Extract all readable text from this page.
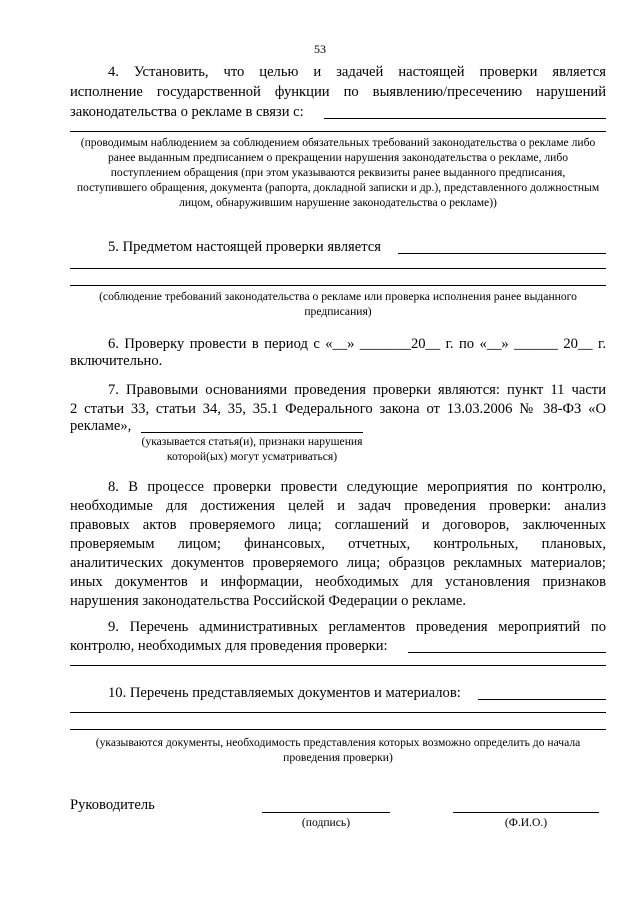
53
4. Установить, что целью и задачей настоящей проверки является
исполнение государственной функции по выявлению/пресечению нарушений
законодательства о рекламе в связи с:
(проводимым наблюдением за соблюдением обязательных требований законодательства о рекламе либо ранее выданным предписанием о прекращении нарушения законодательства о рекламе, либо поступлением обращения (при этом указываются реквизиты ранее выданного предписания, поступившего обращения, документа (рапорта, докладной записки и др.), представленного должностным лицом, обнаружившим нарушение законодательства о рекламе))
5. Предметом настоящей проверки является
(соблюдение требований законодательства о рекламе или проверка исполнения ранее выданного предписания)
6. Проверку провести в период с «__» _______20__ г. по «__» ______ 20__ г.
включительно.
7. Правовыми основаниями проведения проверки являются: пункт 11 части
2 статьи 33, статьи 34, 35, 35.1 Федерального закона от 13.03.2006 № 38-ФЗ «О
рекламе»,
(указывается статья(и), признаки нарушения которой(ых) могут усматриваться)
8. В процессе проверки провести следующие мероприятия по контролю,
необходимые для достижения целей и задач проведения проверки: анализ
правовых актов проверяемого лица; соглашений и договоров, заключенных
проверяемым лицом; финансовых, отчетных, контрольных, плановых,
аналитических документов проверяемого лица; образцов рекламных материалов;
иных документов и информации, необходимых для установления признаков
нарушения законодательства Российской Федерации о рекламе.
9. Перечень административных регламентов проведения мероприятий по
контролю, необходимых для проведения проверки:
10. Перечень представляемых документов и материалов:
(указываются документы, необходимость представления которых возможно определить до начала проведения проверки)
Руководитель
(подпись)	(Ф.И.О.)
